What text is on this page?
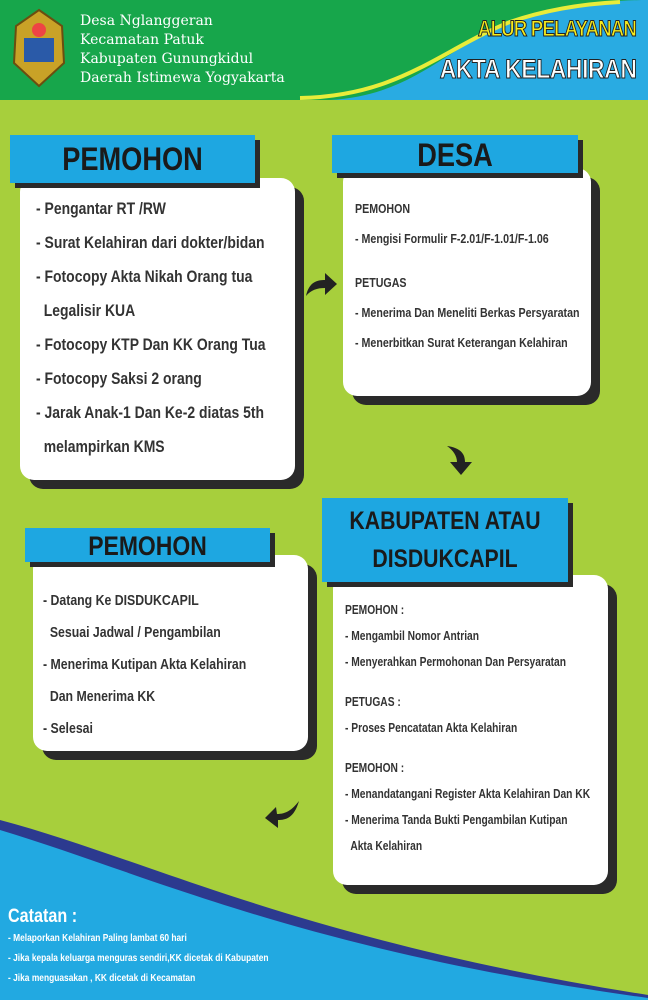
Desa Nglanggeran
Kecamatan Patuk
Kabupaten Gunungkidul
Daerah Istimewa Yogyakarta
ALUR PELAYANAN
AKTA KELAHIRAN
- Pengantar RT /RW
- Surat Kelahiran dari dokter/bidan
- Fotocopy Akta Nikah Orang tua
Legalisir KUA
- Fotocopy KTP Dan KK Orang Tua
- Fotocopy Saksi 2 orang
- Jarak Anak-1 Dan Ke-2 diatas 5th
melampirkan KMS
PEMOHON
PEMOHON
- Mengisi Formulir F-2.01/F-1.01/F-1.06
PETUGAS
- Menerima Dan Meneliti Berkas Persyaratan
- Menerbitkan Surat Keterangan Kelahiran
DESA
- Datang Ke DISDUKCAPIL
Sesuai Jadwal / Pengambilan
- Menerima Kutipan Akta Kelahiran
Dan Menerima KK
- Selesai
PEMOHON
PEMOHON :
- Mengambil Nomor Antrian
- Menyerahkan Permohonan Dan Persyaratan
PETUGAS :
- Proses Pencatatan Akta Kelahiran
PEMOHON :
- Menandatangani Register Akta Kelahiran Dan KK
- Menerima Tanda Bukti Pengambilan Kutipan
Akta Kelahiran
KABUPATEN ATAU
DISDUKCAPIL
Catatan :
- Melaporkan Kelahiran Paling lambat 60 hari
- Jika kepala keluarga menguras sendiri,KK dicetak di Kabupaten
- Jika menguasakan , KK dicetak di Kecamatan
